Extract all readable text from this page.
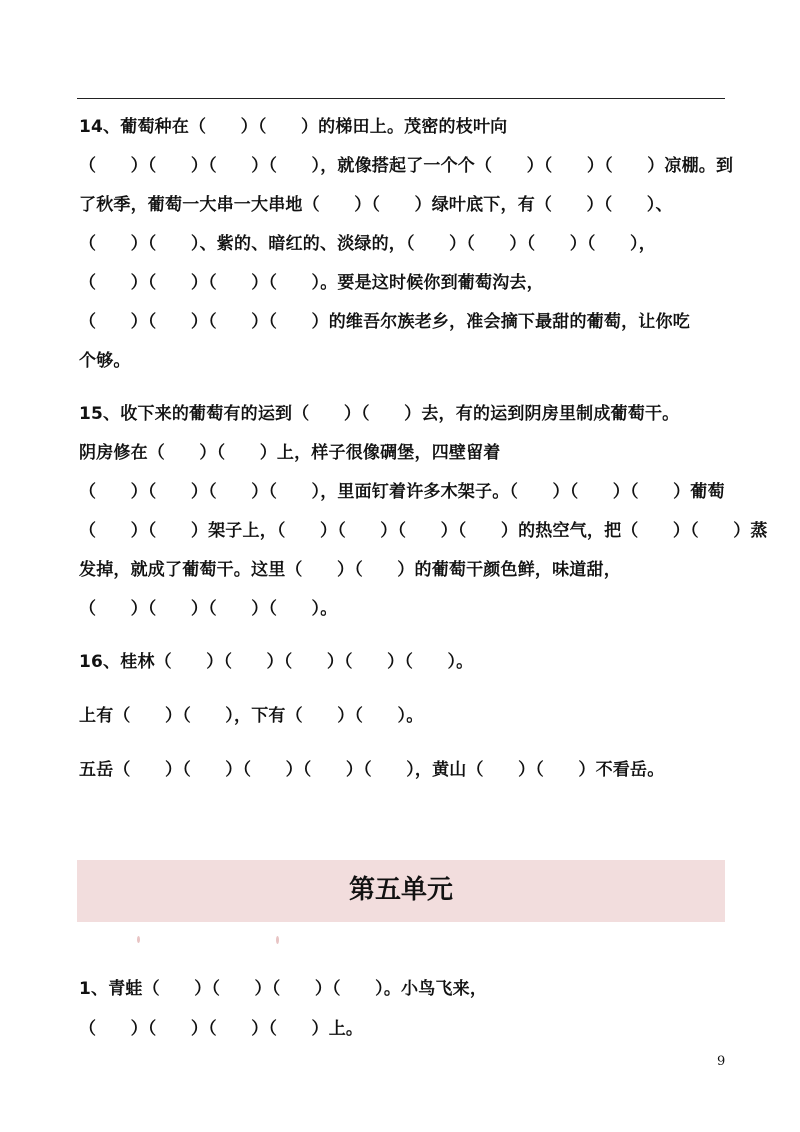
14、葡萄种在（　　）（　　）的梯田上。茂密的枝叶向
（　　）（　　）（　　）（　　），就像搭起了一个个（　　）（　　）（　　）凉棚。到
了秋季，葡萄一大串一大串地（　　）（　　）绿叶底下，有（　　）（　　）、
（　　）（　　）、紫的、暗红的、淡绿的，（　　）（　　）（　　）（　　），
（　　）（　　）（　　）（　　）。要是这时候你到葡萄沟去，
（　　）（　　）（　　）（　　）的维吾尔族老乡，准会摘下最甜的葡萄，让你吃
个够。
15、收下来的葡萄有的运到（　　）（　　）去，有的运到阴房里制成葡萄干。
阴房修在（　　）（　　）上，样子很像碉堡，四壁留着
（　　）（　　）（　　）（　　），里面钉着许多木架子。（　　）（　　）（　　）葡萄
（　　）（　　）架子上，（　　）（　　）（　　）（　　）的热空气，把（　　）（　　）蒸
发掉，就成了葡萄干。这里（　　）（　　）的葡萄干颜色鲜，味道甜，
（　　）（　　）（　　）（　　）。
16、桂林（　　）（　　）（　　）（　　）（　　）。
上有（　　）（　　），下有（　　）（　　）。
五岳（　　）（　　）（　　）（　　）（　　），黄山（　　）（　　）不看岳。
第五单元
1、青蛙（　　）（　　）（　　）（　　）。小鸟飞来，
（　　）（　　）（　　）（　　）上。
9
